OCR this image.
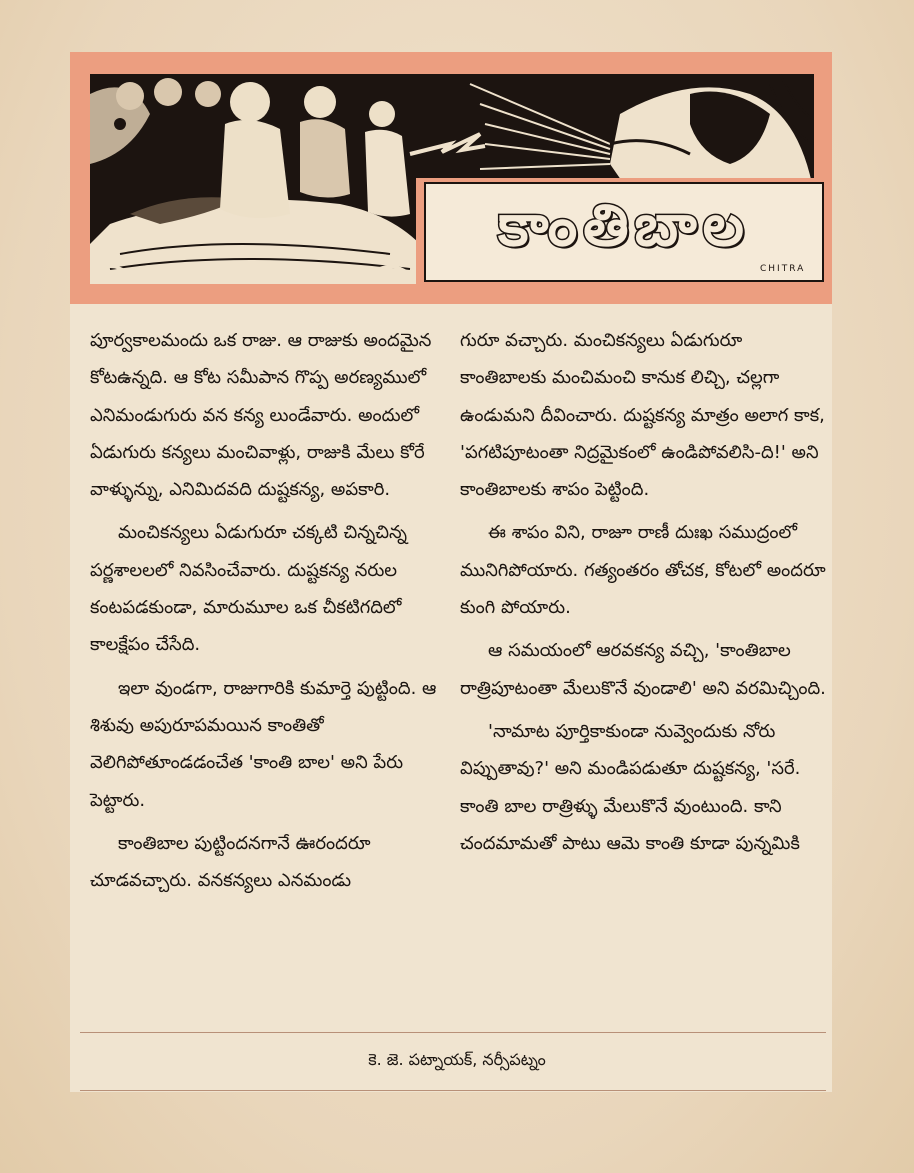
కాంతిబాల
CHITRA

పూర్వకాలమందు ఒక రాజు. ఆ రాజుకు అందమైన కోటఉన్నది. ఆ కోట సమీపాన గొప్ప అరణ్యములో ఎనిమండుగురు వన కన్య లుండేవారు. అందులో ఏడుగురు కన్యలు మంచివాళ్లు, రాజుకి మేలు కోరే వాళ్ళున్ను, ఎనిమిదవది దుష్టకన్య, అపకారి.

మంచికన్యలు ఏడుగురూ చక్కటి చిన్నచిన్న పర్ణశాలలలో నివసించేవారు. దుష్టకన్య నరుల కంటపడకుండా, మారుమూల ఒక చీకటిగదిలో కాలక్షేపం చేసేది.

ఇలా వుండగా, రాజుగారికి కుమార్తె పుట్టింది. ఆ శిశువు అపురూపమయిన కాంతితో వెలిగిపోతూండడంచేత 'కాంతి బాల' అని పేరు పెట్టారు.

కాంతిబాల పుట్టిందనగానే ఊరందరూ చూడవచ్చారు. వనకన్యలు ఎనమండు

గురూ వచ్చారు. మంచికన్యలు ఏడుగురూ కాంతిబాలకు మంచిమంచి కానుక లిచ్చి, చల్లగా ఉండుమని దీవించారు. దుష్టకన్య మాత్రం అలాగ కాక, 'పగటిపూటంతా నిద్రమైకంలో ఉండిపోవలిసి-ది!' అని కాంతిబాలకు శాపం పెట్టింది.

ఈ శాపం విని, రాజూ రాణీ దుఃఖ సముద్రంలో మునిగిపోయారు. గత్యంతరం తోచక, కోటలో అందరూ కుంగి పోయారు.

ఆ సమయంలో ఆరవకన్య వచ్చి, 'కాంతిబాల రాత్రిపూటంతా మేలుకొనే వుండాలి' అని వరమిచ్చింది.

'నామాట పూర్తికాకుండా నువ్వెందుకు నోరు విప్పుతావు?' అని మండిపడుతూ దుష్టకన్య, 'సరే. కాంతి బాల రాత్రిళ్ళు మేలుకొనే వుంటుంది. కాని చందమామతో పాటు ఆమె కాంతి కూడా పున్నమికి

కె. జె. పట్నాయక్, నర్సీపట్నం
